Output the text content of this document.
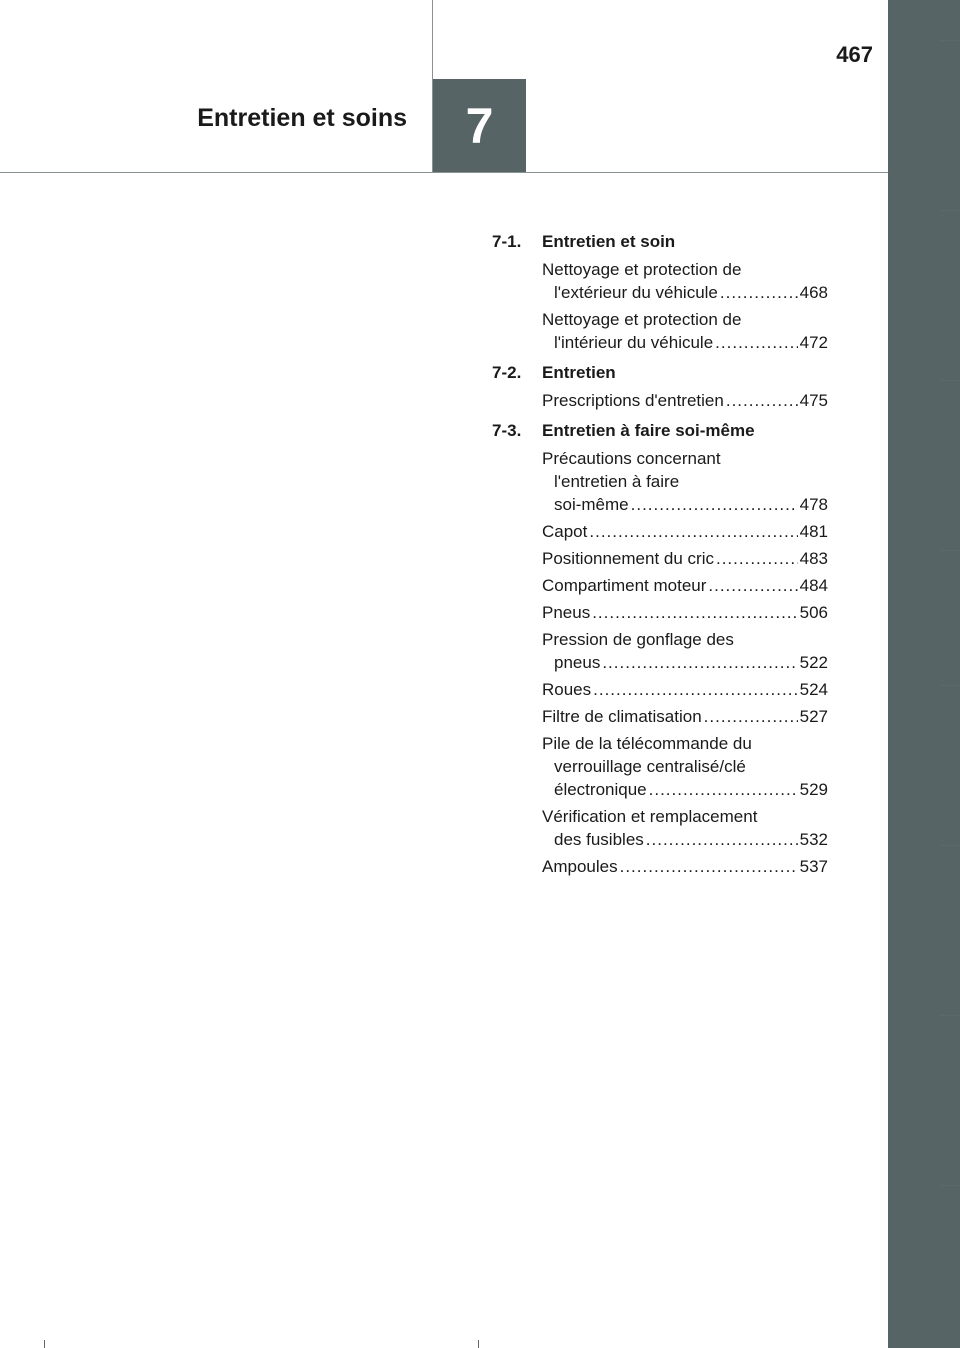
Entretien et soins 7
467
7-1.	Entretien et soin
Nettoyage et protection de
l'extérieur du véhicule .....	468
Nettoyage et protection de
l'intérieur du véhicule .....	472
7-2.	Entretien
Prescriptions d'entretien .....	475
7-3.	Entretien à faire soi-même
Précautions concernant
l'entretien à faire
soi-même .....	478
Capot .....	481
Positionnement du cric .....	483
Compartiment moteur .....	484
Pneus .....	506
Pression de gonflage des
pneus .....	522
Roues .....	524
Filtre de climatisation .....	527
Pile de la télécommande du
verrouillage centralisé/clé
électronique .....	529
Vérification et remplacement
des fusibles .....	532
Ampoules .....	537
